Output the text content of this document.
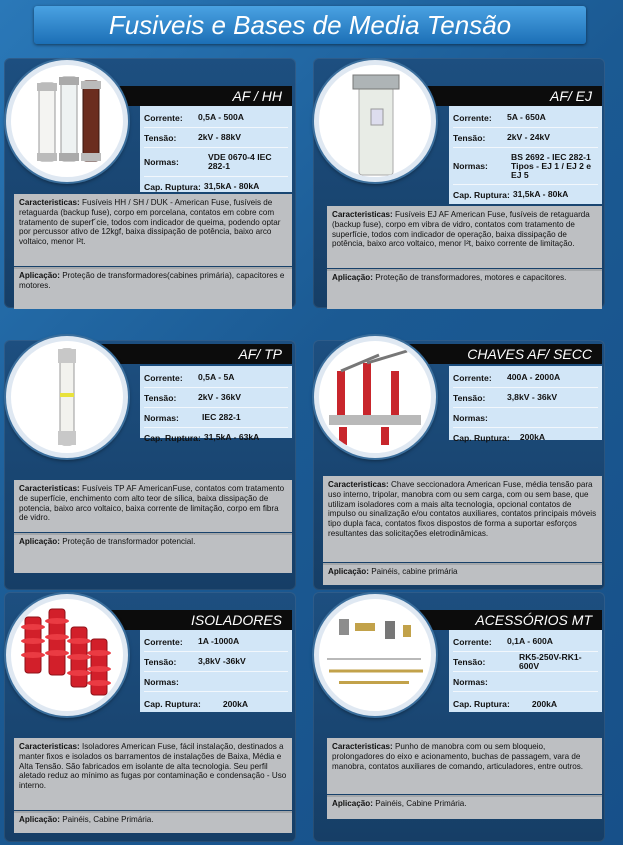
Fusiveis e Bases de Media Tensão
AF / HH
Corrente:	0,5A - 500A
Tensão:	2kV - 88kV
Normas:	VDE 0670-4 IEC 282-1
Cap. Ruptura: 31,5kA - 80kA
Caracteristicas: Fusíveis HH / SH / DUK - American Fuse, fusíveis de retaguarda (backup fuse), corpo em porcelana, contatos em cobre com tratamento de superf´cie, todos com indicador de queima, podendo optar por percussor ativo de 12kgf, baixa dissipação de potência, baixo arco voltaico, menor I²t.
Aplicação: Proteção de transformadores(cabines primária), capacitores e motores.
AF/ EJ
Corrente:	5A - 650A
Tensão:	2kV - 24kV
Normas:
BS 2692 - IEC 282-1 Tipos - EJ 1 / EJ 2 e EJ 5
Cap. Ruptura: 31,5kA - 80kA
Caracteristicas: Fusíveis EJ AF American Fuse, fusíveis de retaguarda (backup fuse), corpo em vibra de vidro, contatos com tratamento de superfície, todos com indicador de operação, baixa dissipação de potência, baixo arco voltaico, menor I²t, baixo corrente de limitação.
Aplicação: Proteção de transformadores, motores e capacitores.
AF/ TP
Corrente:	0,5A - 5A
Tensão:	2kV - 36kV
Normas:	IEC 282-1
Cap. Ruptura: 31,5kA - 63kA
Caracteristicas: Fusíveis TP AF AmericanFuse, contatos com tratamento de superfície, enchimento com alto teor de sílica, baixa dissipação de potencia, baixo arco voltaico, baixa corrente de limitação, corpo em fibra de vidro.
Aplicação: Proteção de transformador potencial.
CHAVES AF/ SECC
Corrente:	400A - 2000A
Tensão:	3,8kV - 36kV
Normas:
Cap. Ruptura: 200kA
Caracteristicas: Chave seccionadora American Fuse, média tensão para uso interno, tripolar, manobra com ou sem carga, com ou sem base, que utilizam isoladores com a mais alta tecnologia, opcional contatos de impulso ou sinalização e/ou contatos auxiliares, contatos principais móveis tipo dupla faca, contatos fixos dispostos de forma a suportar esforços resultantes das solicitações eletrodinâmicas.
Aplicação: Painéis, cabine primária
ISOLADORES
Corrente:	1A -1000A
Tensão:	3,8kV -36kV
Normas:
Cap. Ruptura:	200kA
Caracteristicas: Isoladores American Fuse, fácil instalação, destinados a manter fixos e isolados os barramentos de instalações de Baixa, Média e Alta Tensão. São fabricados em isolante de alta tecnologia. Seu perfil aletado reduz ao mínimo as fugas por contaminação e condensação - Uso interno.
Aplicação: Painéis, Cabine Primária.
ACESSÓRIOS MT
Corrente:	0,1A - 600A
Tensão:	RK5-250V-RK1-600V
Normas:
Cap. Ruptura:	200kA
Caracteristicas: Punho de manobra com ou sem bloqueio, prolongadores do eixo e acionamento, buchas de passagem, vara de manobra, contatos auxiliares de comando, articuladores, entre outros.
Aplicação: Painéis, Cabine Primária.
